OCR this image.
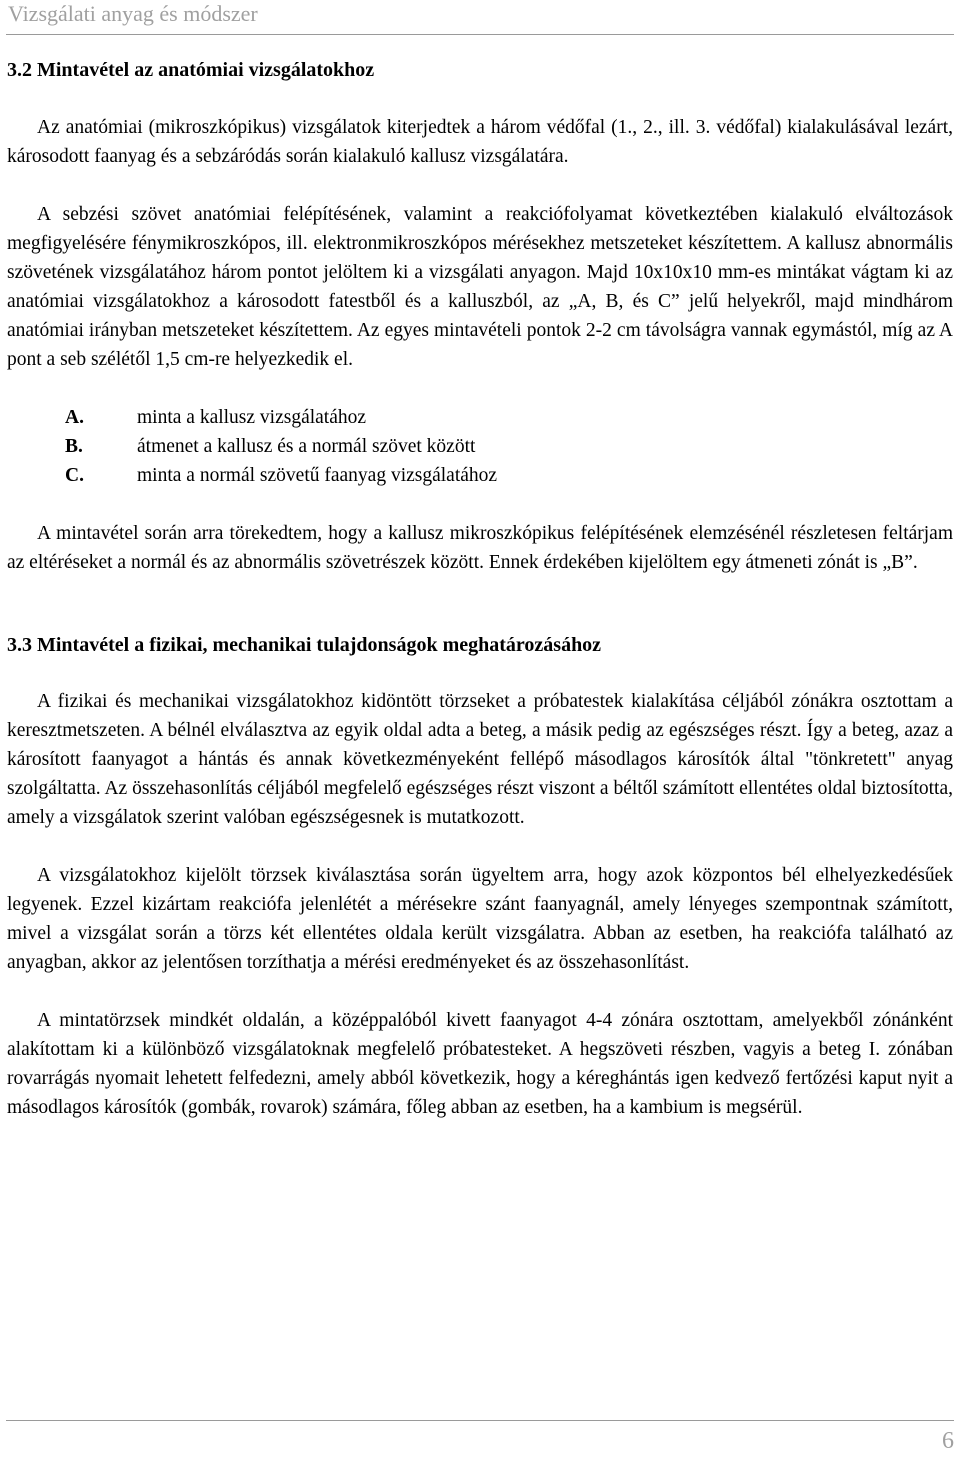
Vizsgálati anyag és módszer
3.2 Mintavétel az anatómiai vizsgálatokhoz

Az anatómiai (mikroszkópikus) vizsgálatok kiterjedtek a három védőfal (1., 2., ill. 3. védőfal) kialakulásával lezárt, károsodott faanyag és a sebzáródás során kialakuló kallusz vizsgálatára.

A sebzési szövet anatómiai felépítésének, valamint a reakciófolyamat következtében kialakuló elváltozások megfigyelésére fénymikroszkópos, ill. elektronmikroszkópos mérésekhez metszeteket készítettem. A kallusz abnormális szövetének vizsgálatához három pontot jelöltem ki a vizsgálati anyagon. Majd 10x10x10 mm-es mintákat vágtam ki az anatómiai vizsgálatokhoz a károsodott fatestből és a kalluszból, az „A, B, és C” jelű helyekről, majd mindhárom anatómiai irányban metszeteket készítettem. Az egyes mintavételi pontok 2-2 cm távolságra vannak egymástól, míg az A pont a seb szélétől 1,5 cm-re helyezkedik el.

A.	minta a kallusz vizsgálatához
B.	átmenet a kallusz és a normál szövet között
C.	minta a normál szövetű faanyag vizsgálatához

A mintavétel során arra törekedtem, hogy a kallusz mikroszkópikus felépítésének elemzésénél részletesen feltárjam az eltéréseket a normál és az abnormális szövetrészek között. Ennek érdekében kijelöltem egy átmeneti zónát is „B”.

3.3 Mintavétel a fizikai, mechanikai tulajdonságok meghatározásához

A fizikai és mechanikai vizsgálatokhoz kidöntött törzseket a próbatestek kialakítása céljából zónákra osztottam a keresztmetszeten. A bélnél elválasztva az egyik oldal adta a beteg, a másik pedig az egészséges részt. Így a beteg, azaz a károsított faanyagot a hántás és annak következményeként fellépő másodlagos károsítók által "tönkretett" anyag szolgáltatta. Az összehasonlítás céljából megfelelő egészséges részt viszont a béltől számított ellentétes oldal biztosította, amely a vizsgálatok szerint valóban egészségesnek is mutatkozott.

A vizsgálatokhoz kijelölt törzsek kiválasztása során ügyeltem arra, hogy azok központos bél elhelyezkedésűek legyenek. Ezzel kizártam reakciófa jelenlétét a mérésekre szánt faanyagnál, amely lényeges szempontnak számított, mivel a vizsgálat során a törzs két ellentétes oldala került vizsgálatra. Abban az esetben, ha reakciófa található az anyagban, akkor az jelentősen torzíthatja a mérési eredményeket és az összehasonlítást.

A mintatörzsek mindkét oldalán, a középpalóból kivett faanyagot 4-4 zónára osztottam, amelyekből zónánként alakítottam ki a különböző vizsgálatoknak megfelelő próbatesteket. A hegszöveti részben, vagyis a beteg I. zónában rovarrágás nyomait lehetett felfedezni, amely abból következik, hogy a kéreghántás igen kedvező fertőzési kaput nyit a másodlagos károsítók (gombák, rovarok) számára, főleg abban az esetben, ha a kambium is megsérül.

6
